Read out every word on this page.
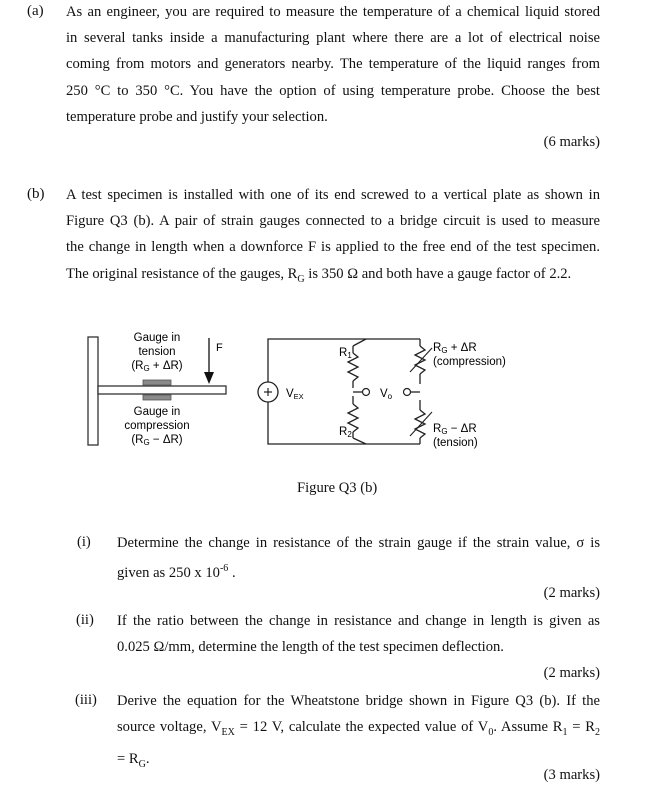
(a) As an engineer, you are required to measure the temperature of a chemical liquid stored
in several tanks inside a manufacturing plant where there are a lot of electrical noise
coming from motors and generators nearby. The temperature of the liquid ranges from
250 °C to 350 °C. You have the option of using temperature probe. Choose the best
temperature probe and justify your selection.
(6 marks)
(b) A test specimen is installed with one of its end screwed to a vertical plate as shown in
Figure Q3 (b). A pair of strain gauges connected to a bridge circuit is used to measure
the change in length when a downforce F is applied to the free end of the test specimen.
The original resistance of the gauges, $R_G$ is 350 Ω and both have a gauge factor of 2.2.
F
Gauge in
tension
(RG + ΔR)
Gauge in
compression
(RG − ΔR)
VEX
R1
R2
Vo
RG + ΔR
(compression)
RG − ΔR
(tension)
Figure Q3 (b)
(i) Determine the change in resistance of the strain gauge if the strain value, σ is
given as 250 x $10^{-6}$ .
(2 marks)
(ii) If the ratio between the change in resistance and change in length is given as
0.025 Ω/mm, determine the length of the test specimen deflection.
(2 marks)
(iii) Derive the equation for the Wheatstone bridge shown in Figure Q3 (b). If the
source voltage, $V_{EX} = 12$ V, calculate the expected value of $V_0$. Assume $R_1 = R_2$
= $R_G$.
(3 marks)
